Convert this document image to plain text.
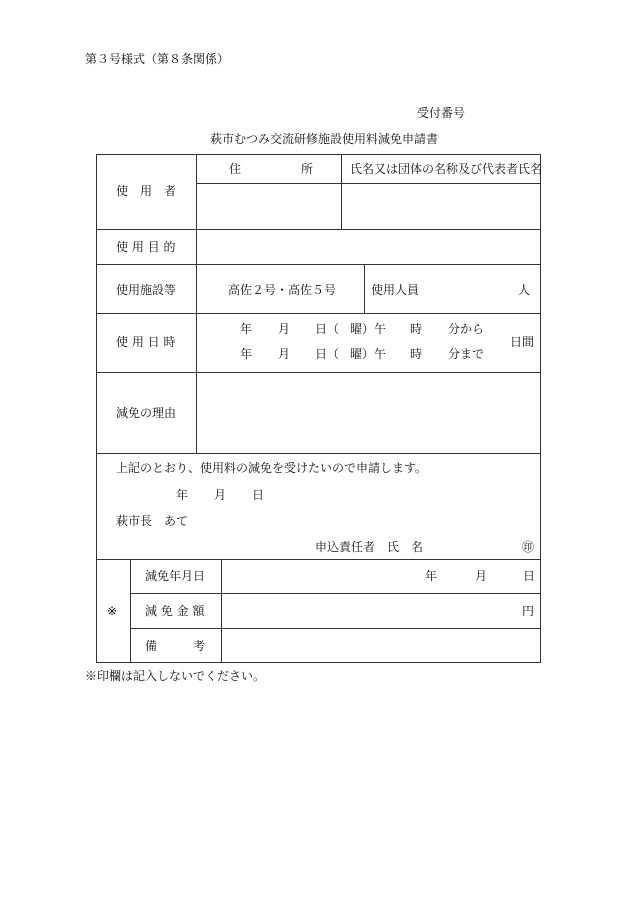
第３号様式（第８条関係）
受付番号
萩市むつみ交流研修施設使用料減免申請書
使　用　者
住　　　　　所	氏名又は団体の名称及び代表者氏名
使 用 目 的
使用施設等	高佐２号・高佐５号	使用人員	人
使 用 日 時
年 月 日（ 曜）午 時 分から
年 月 日（ 曜）午 時 分まで
日間
減免の理由
上記のとおり、使用料の減免を受けたいので申請します。
年 月 日
萩市長　あて
申込責任者　氏　名	㊞
※
減免年月日	年	月	日
減 免 金 額	円
備　　　考
※印欄は記入しないでください。
